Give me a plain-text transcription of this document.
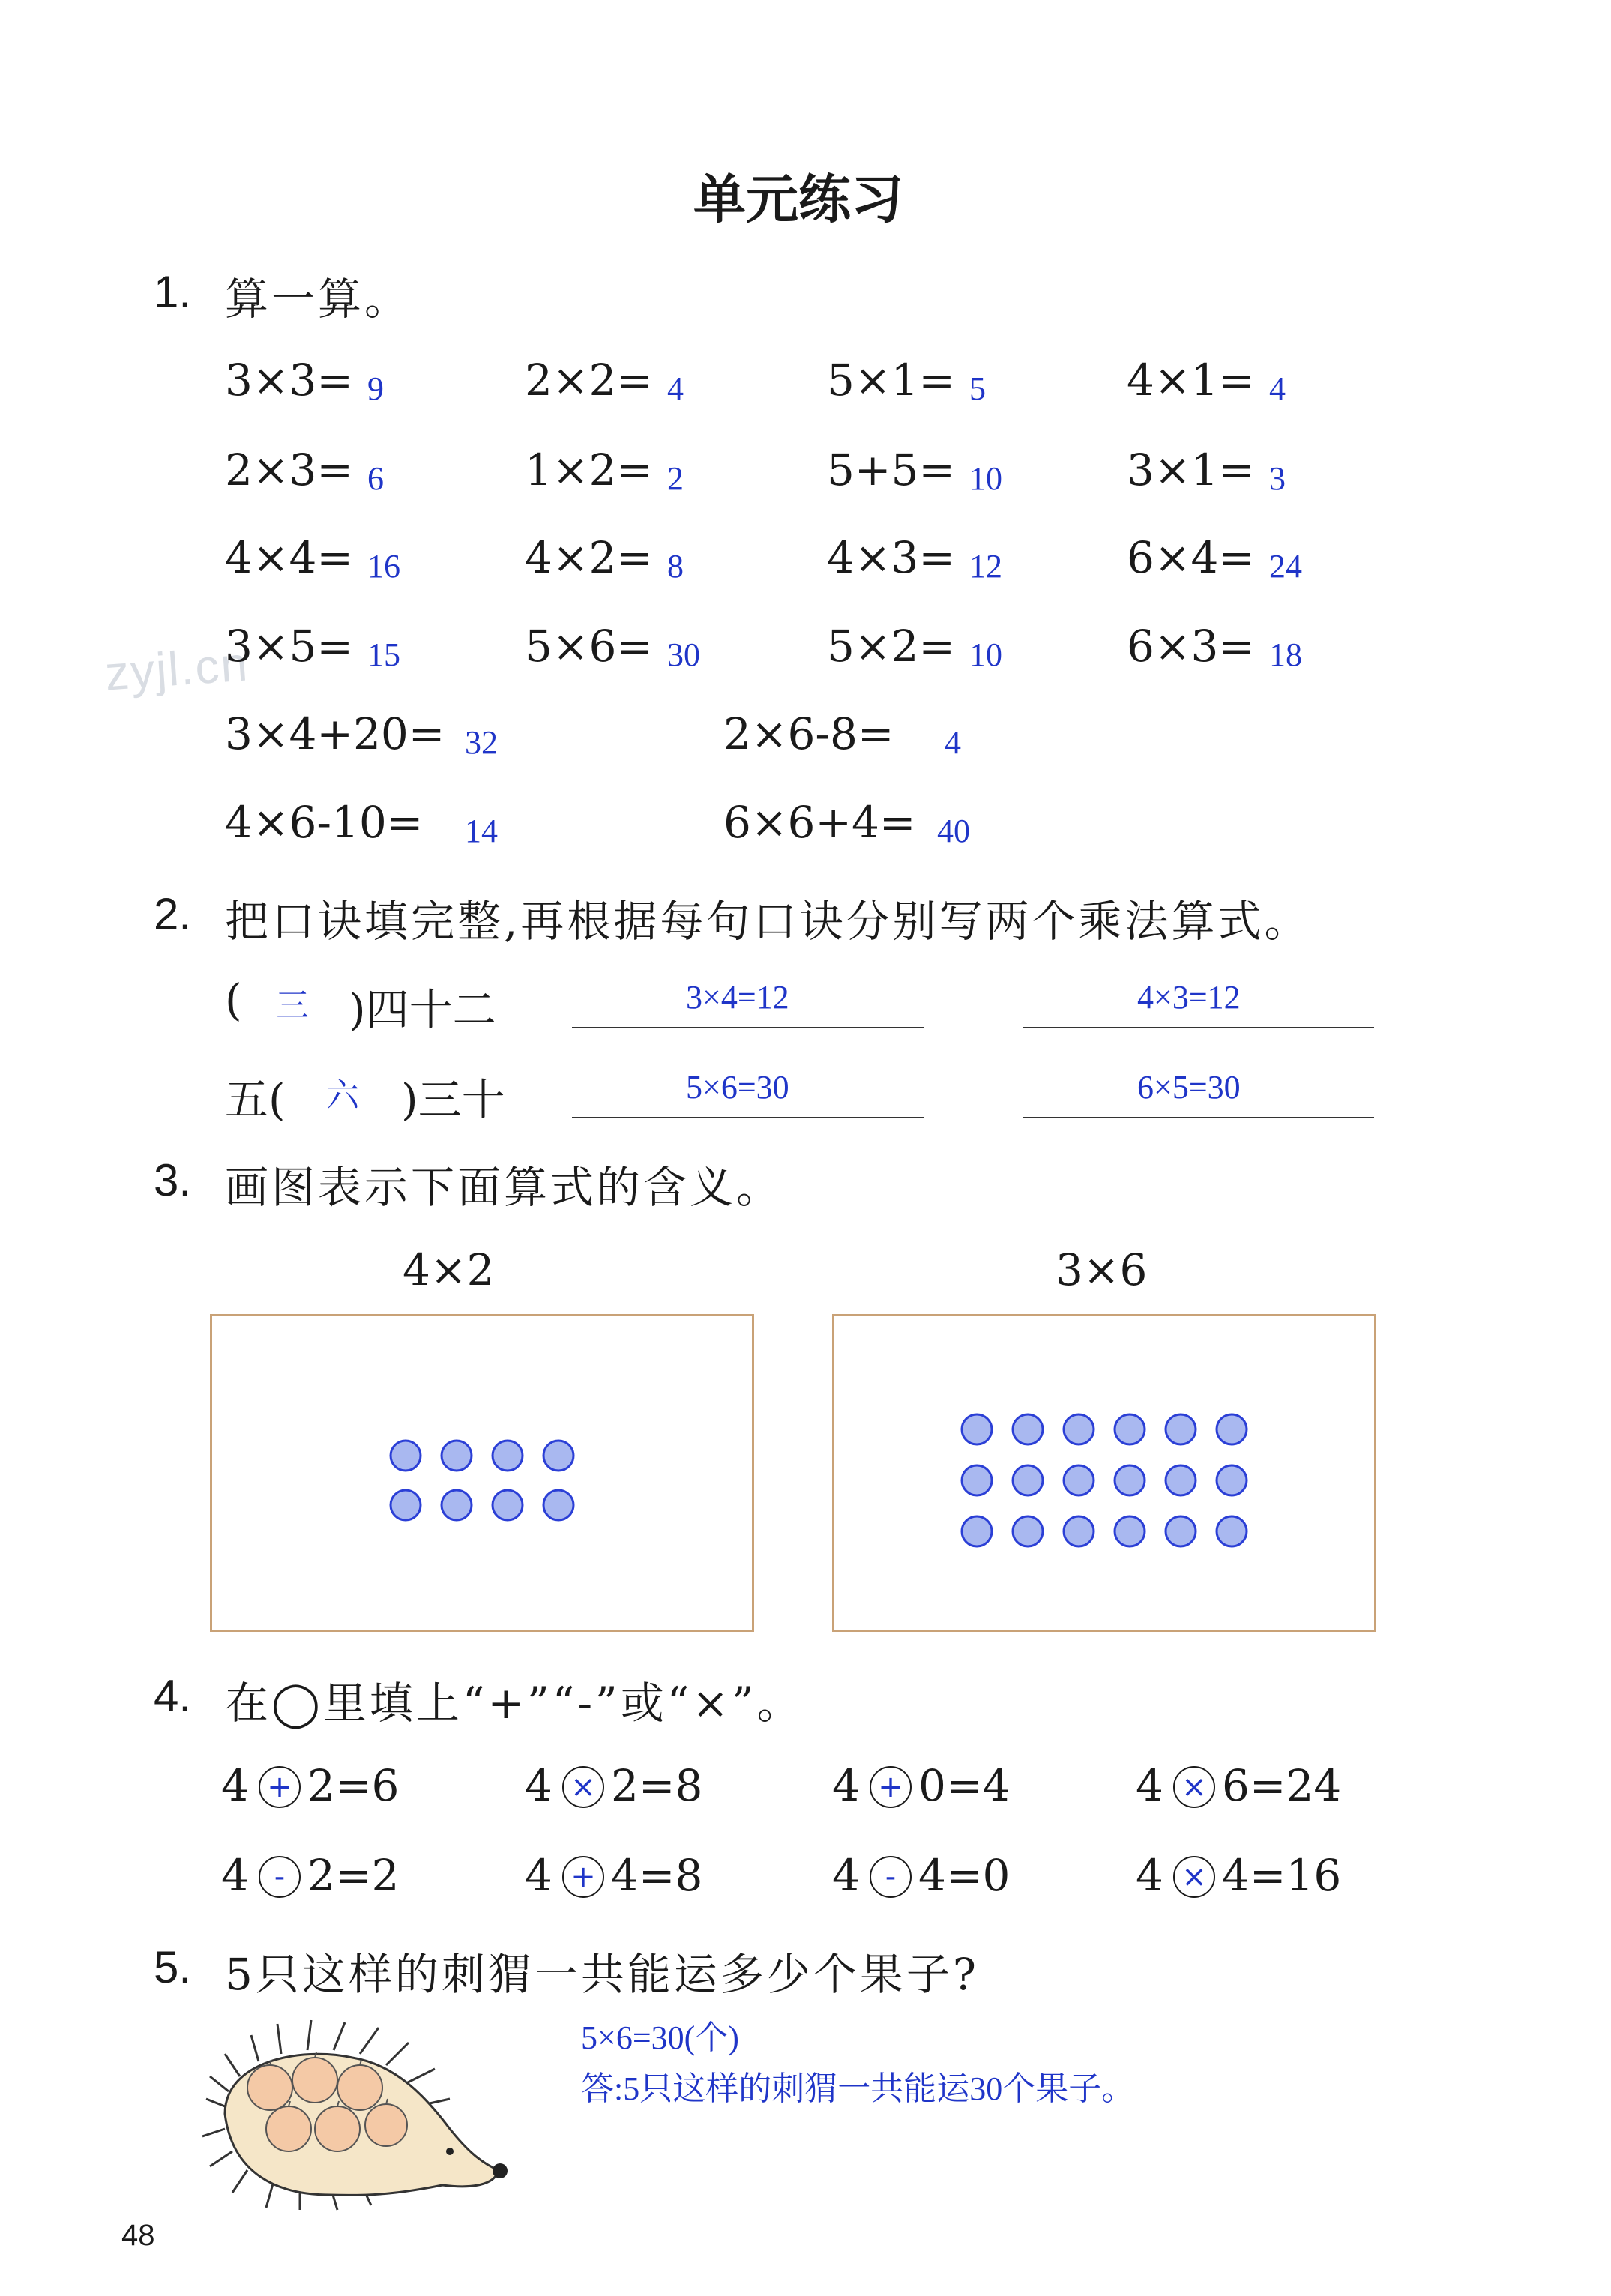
单元练习
zyjl.cn
1. 算一算。
3×3= 9	2×2= 4	5×1= 5	4×1= 4
2×3= 6	1×2= 2	5+5= 10	3×1= 3
4×4= 16	4×2= 8	4×3= 12	6×4= 24
3×5= 15	5×6= 30	5×2= 10	6×3= 18
3×4+20= 32	2×6-8= 4
4×6-10= 14	6×6+4= 40
2. 把口诀填完整,再根据每句口诀分别写两个乘法算式。
( 三 )四十二	3×4=12	4×3=12
五( 六 )三十	5×6=30	6×5=30
3. 画图表示下面算式的含义。
4×2	3×6
4. 在◯里填上“+”“-”或“×”。
4 + 2=6	4 × 2=8	4 + 0=4	4 × 6=24
4 - 2=2	4 + 4=8	4 - 4=0	4 × 4=16
5. 5只这样的刺猬一共能运多少个果子?
5×6=30(个)
答:5只这样的刺猬一共能运30个果子。
48
